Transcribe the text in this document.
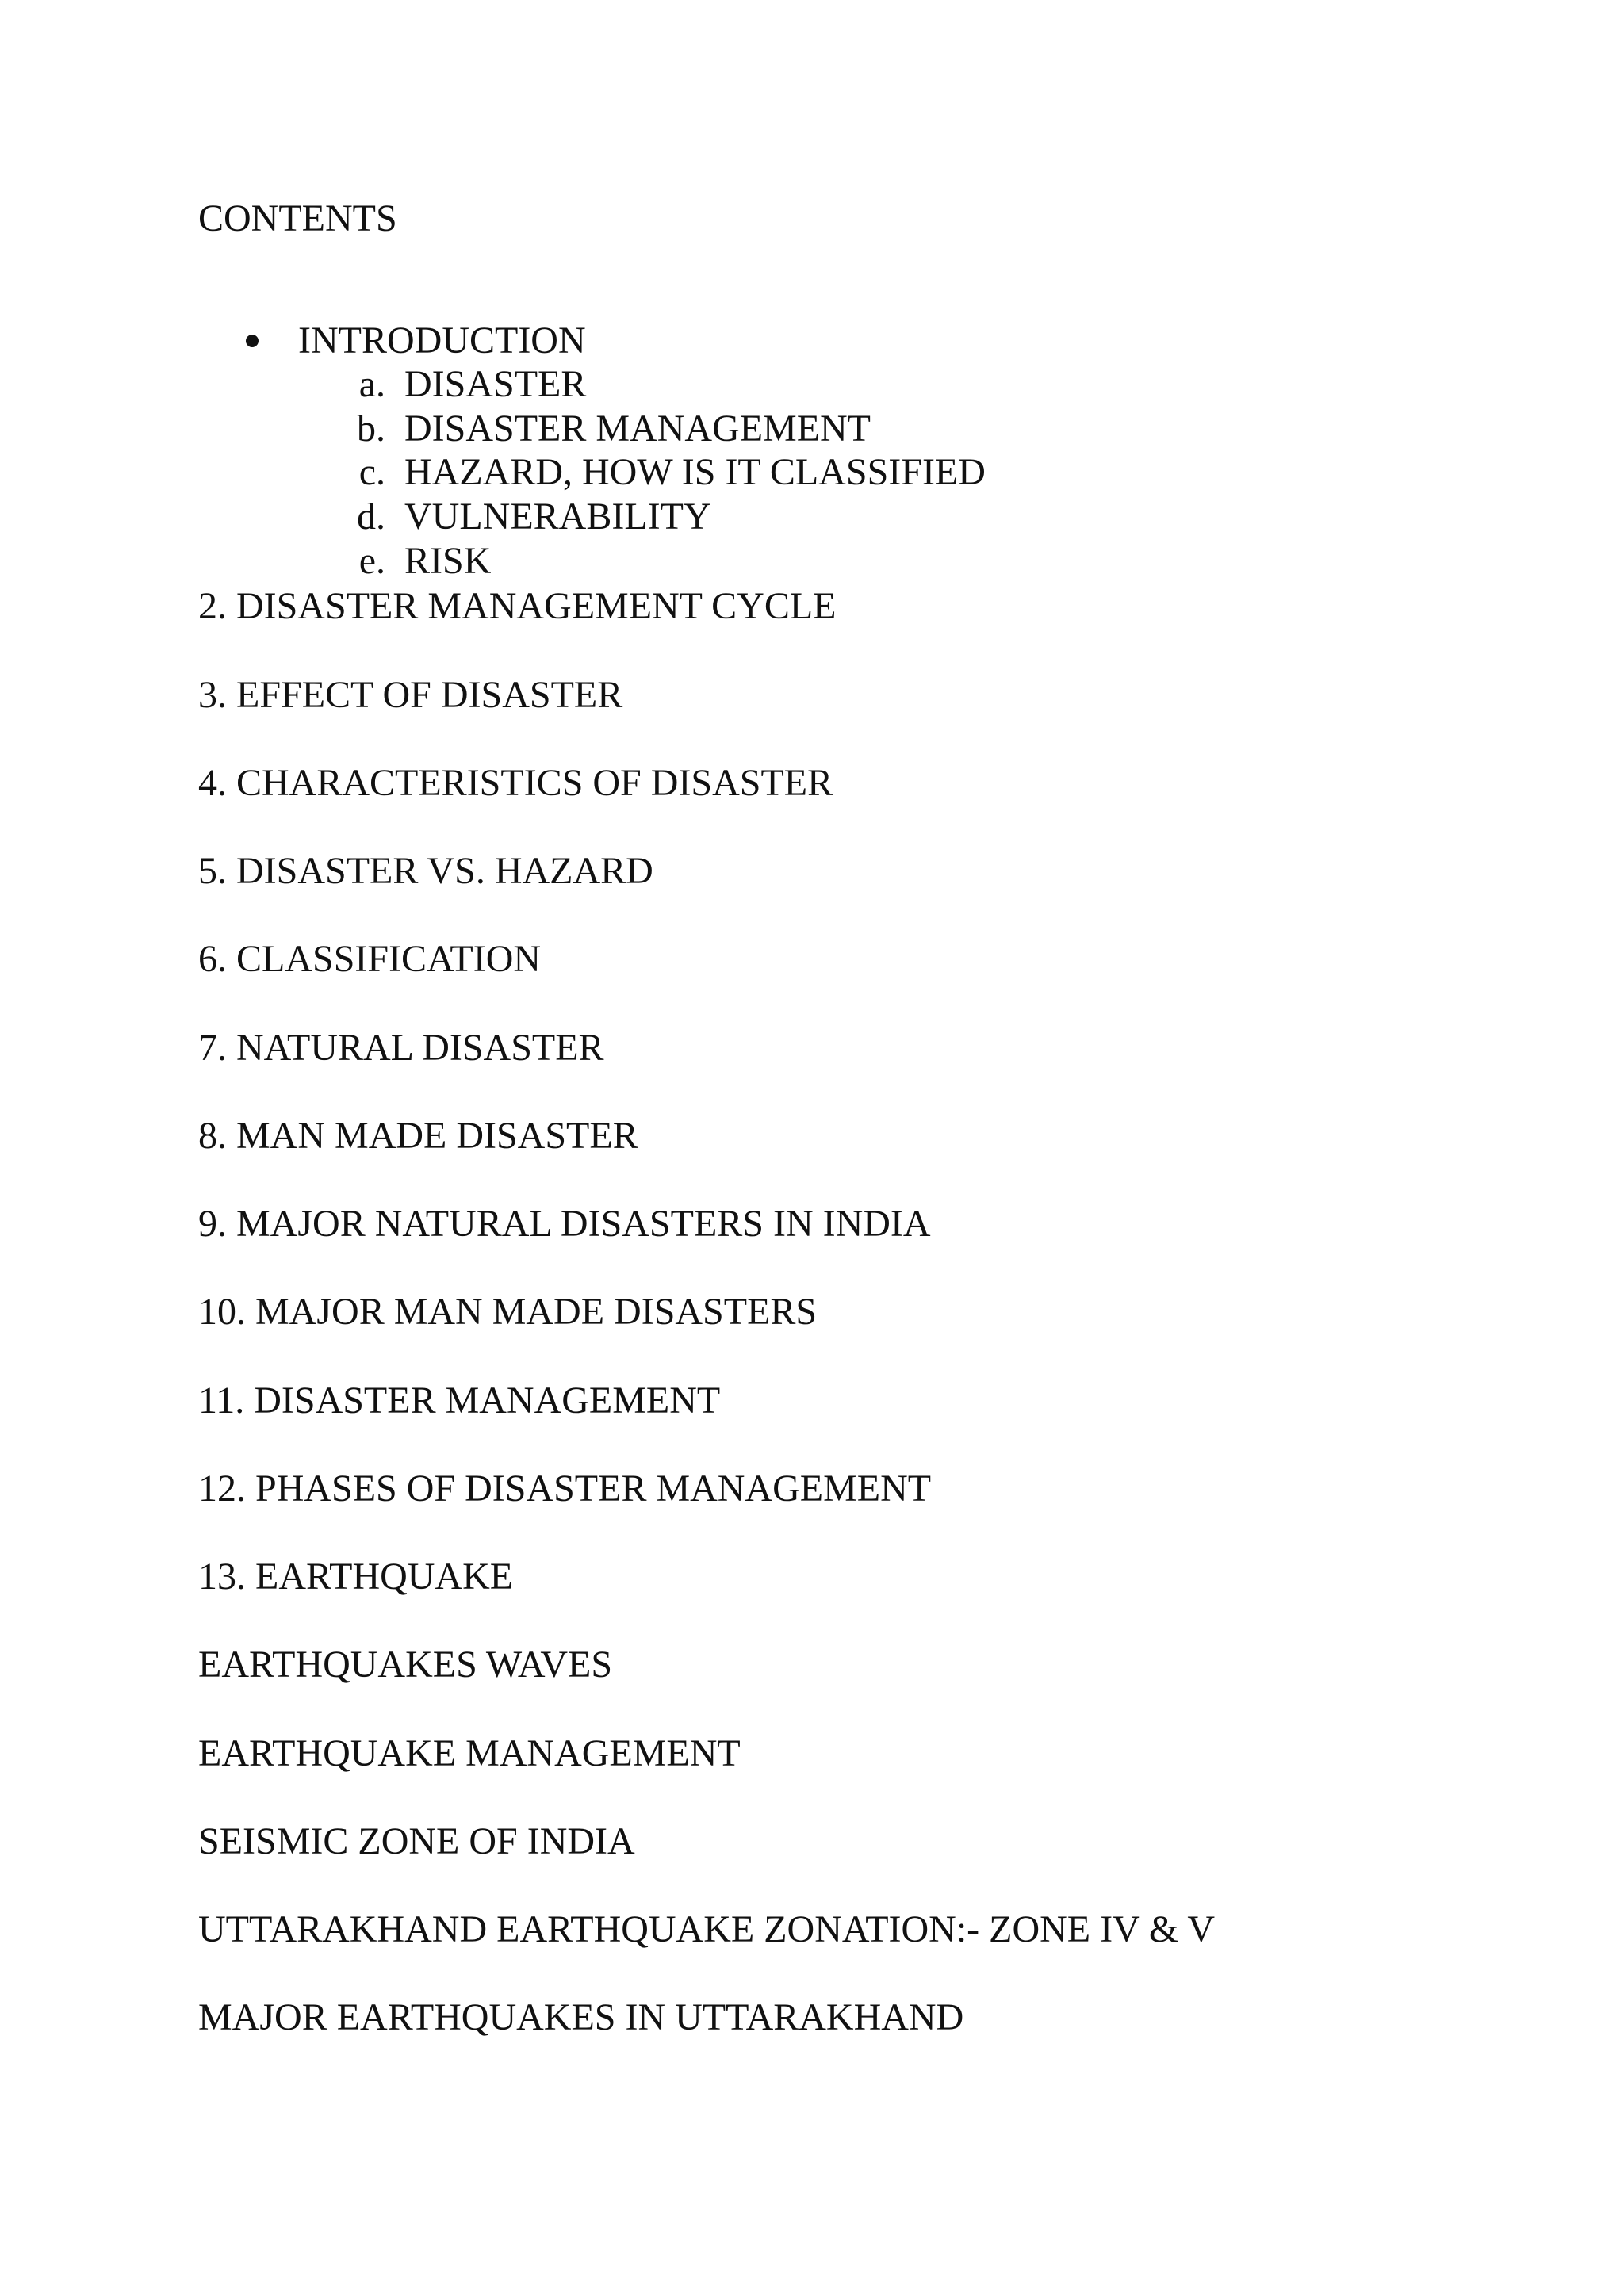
CONTENTS
INTRODUCTION
a. DISASTER
b. DISASTER MANAGEMENT
c. HAZARD, HOW IS IT CLASSIFIED
d. VULNERABILITY
e. RISK
2. DISASTER MANAGEMENT CYCLE
3. EFFECT OF DISASTER
4. CHARACTERISTICS OF DISASTER
5. DISASTER VS. HAZARD
6. CLASSIFICATION
7. NATURAL DISASTER
8. MAN MADE DISASTER
9. MAJOR NATURAL DISASTERS IN INDIA
10. MAJOR MAN MADE DISASTERS
11. DISASTER MANAGEMENT
12. PHASES OF DISASTER MANAGEMENT
13. EARTHQUAKE
EARTHQUAKES WAVES
EARTHQUAKE MANAGEMENT
SEISMIC ZONE OF INDIA
UTTARAKHAND EARTHQUAKE ZONATION:- ZONE IV & V
MAJOR EARTHQUAKES IN UTTARAKHAND
